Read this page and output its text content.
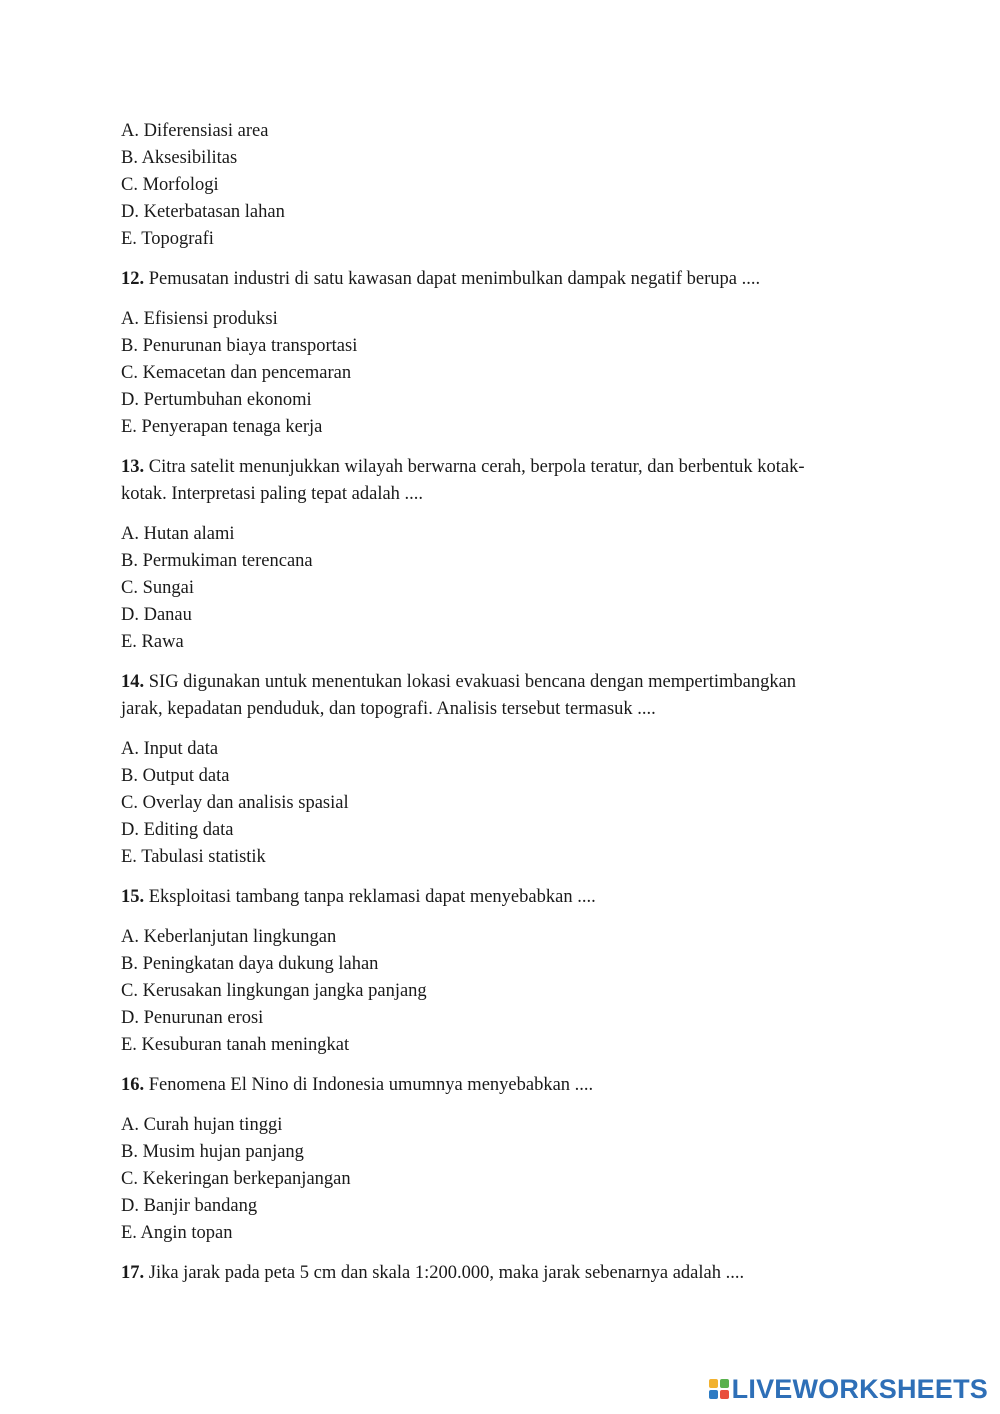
A. Diferensiasi area
B. Aksesibilitas
C. Morfologi
D. Keterbatasan lahan
E. Topografi
12. Pemusatan industri di satu kawasan dapat menimbulkan dampak negatif berupa ....
A. Efisiensi produksi
B. Penurunan biaya transportasi
C. Kemacetan dan pencemaran
D. Pertumbuhan ekonomi
E. Penyerapan tenaga kerja
13. Citra satelit menunjukkan wilayah berwarna cerah, berpola teratur, dan berbentuk kotak-
kotak. Interpretasi paling tepat adalah ....
A. Hutan alami
B. Permukiman terencana
C. Sungai
D. Danau
E. Rawa
14. SIG digunakan untuk menentukan lokasi evakuasi bencana dengan mempertimbangkan
jarak, kepadatan penduduk, dan topografi. Analisis tersebut termasuk ....
A. Input data
B. Output data
C. Overlay dan analisis spasial
D. Editing data
E. Tabulasi statistik
15. Eksploitasi tambang tanpa reklamasi dapat menyebabkan ....
A. Keberlanjutan lingkungan
B. Peningkatan daya dukung lahan
C. Kerusakan lingkungan jangka panjang
D. Penurunan erosi
E. Kesuburan tanah meningkat
16. Fenomena El Nino di Indonesia umumnya menyebabkan ....
A. Curah hujan tinggi
B. Musim hujan panjang
C. Kekeringan berkepanjangan
D. Banjir bandang
E. Angin topan
17. Jika jarak pada peta 5 cm dan skala 1:200.000, maka jarak sebenarnya adalah ....
LIVEWORKSHEETS
